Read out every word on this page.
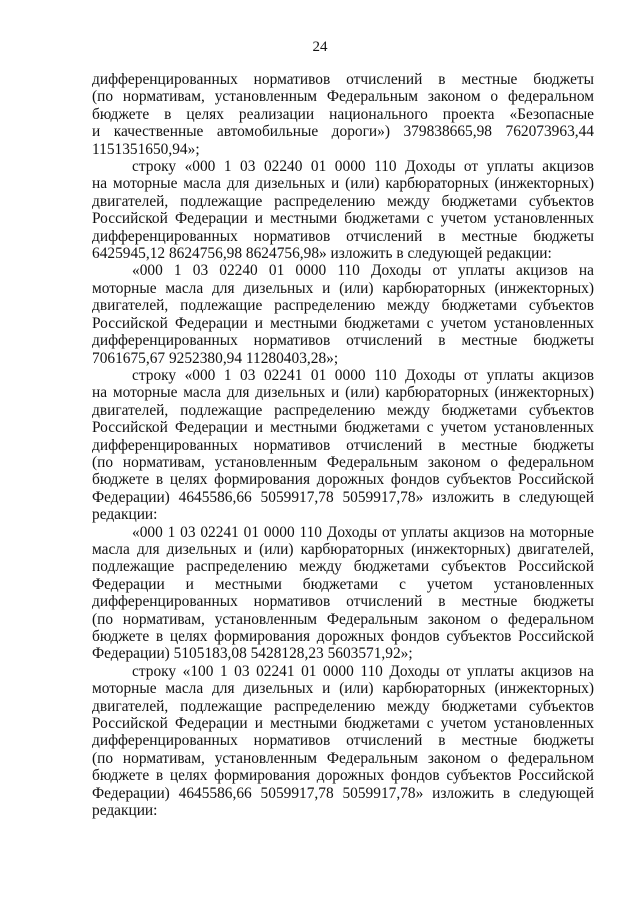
24

дифференцированных нормативов отчислений в местные бюджеты
(по нормативам, установленным Федеральным законом о федеральном
бюджете в целях реализации национального проекта «Безопасные
и качественные автомобильные дороги») 379838665,98 762073963,44
1151351650,94»;

строку «000 1 03 02240 01 0000 110 Доходы от уплаты акцизов
на моторные масла для дизельных и (или) карбюраторных (инжекторных)
двигателей, подлежащие распределению между бюджетами субъектов
Российской Федерации и местными бюджетами с учетом установленных
дифференцированных нормативов отчислений в местные бюджеты
6425945,12 8624756,98 8624756,98» изложить в следующей редакции:

«000 1 03 02240 01 0000 110 Доходы от уплаты акцизов на
моторные масла для дизельных и (или) карбюраторных (инжекторных)
двигателей, подлежащие распределению между бюджетами субъектов
Российской Федерации и местными бюджетами с учетом установленных
дифференцированных нормативов отчислений в местные бюджеты
7061675,67 9252380,94 11280403,28»;

строку «000 1 03 02241 01 0000 110 Доходы от уплаты акцизов
на моторные масла для дизельных и (или) карбюраторных (инжекторных)
двигателей, подлежащие распределению между бюджетами субъектов
Российской Федерации и местными бюджетами с учетом установленных
дифференцированных нормативов отчислений в местные бюджеты
(по нормативам, установленным Федеральным законом о федеральном
бюджетe в целях формирования дорожных фондов субъектов Российской
Федерации) 4645586,66 5059917,78 5059917,78» изложить в следующей
редакции:

«000 1 03 02241 01 0000 110 Доходы от уплаты акцизов на моторные
масла для дизельных и (или) карбюраторных (инжекторных) двигателей,
подлежащие распределению между бюджетами субъектов Российской
Федерации и местными бюджетами с учетом установленных
дифференцированных нормативов отчислений в местные бюджеты
(по нормативам, установленным Федеральным законом о федеральном
бюджете в целях формирования дорожных фондов субъектов Российской
Федерации) 5105183,08 5428128,23 5603571,92»;

строку «100 1 03 02241 01 0000 110 Доходы от уплаты акцизов на
моторные масла для дизельных и (или) карбюраторных (инжекторных)
двигателей, подлежащие распределению между бюджетами субъектов
Российской Федерации и местными бюджетами с учетом установленных
дифференцированных нормативов отчислений в местные бюджеты
(по нормативам, установленным Федеральным законом о федеральном
бюджете в целях формирования дорожных фондов субъектов Российской
Федерации) 4645586,66 5059917,78 5059917,78» изложить в следующей
редакции:
